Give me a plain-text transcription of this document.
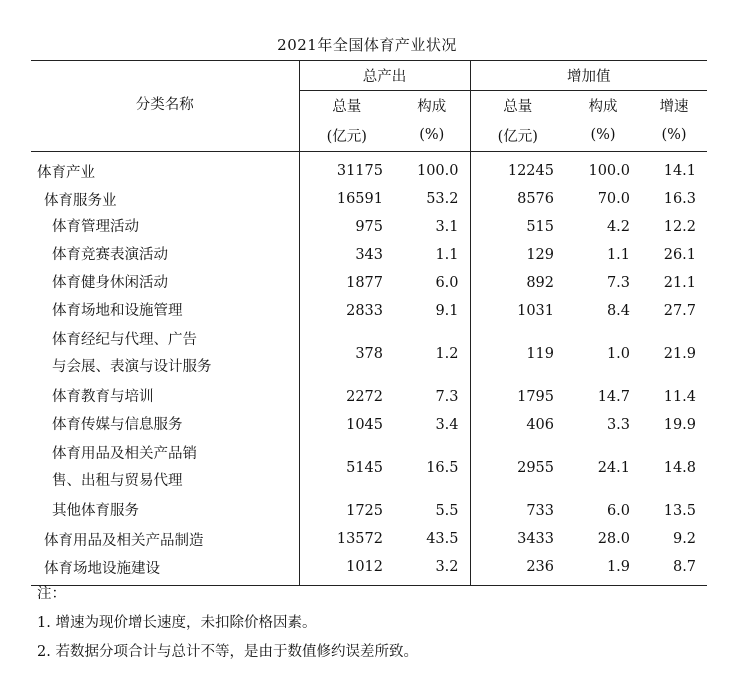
2021年全国体育产业状况
分类名称	总产出		增加值		
	总量	构成	总量	构成	增速
	(亿元)	(%)	(亿元)	(%)	(%)
体育产业	31175	100.0	12245	100.0	14.1
体育服务业	16591	53.2	8576	70.0	16.3
体育管理活动	975	3.1	515	4.2	12.2
体育竞赛表演活动	343	1.1	129	1.1	26.1
体育健身休闲活动	1877	6.0	892	7.3	21.1
体育场地和设施管理	2833	9.1	1031	8.4	27.7

体育经纪与代理、广告
与会展、表演与设计服务	378	1.2	119	1.0	21.9
体育教育与培训	2272	7.3	1795	14.7	11.4
体育传媒与信息服务	1045	3.4	406	3.3	19.9

体育用品及相关产品销
售、出租与贸易代理	5145	16.5	2955	24.1	14.8
其他体育服务	1725	5.5	733	6.0	13.5
体育用品及相关产品制造	13572	43.5	3433	28.0	9.2
体育场地设施建设	1012	3.2	236	1.9	8.7
注：
1. 增速为现价增长速度，未扣除价格因素。
2. 若数据分项合计与总计不等，是由于数值修约误差所致。
